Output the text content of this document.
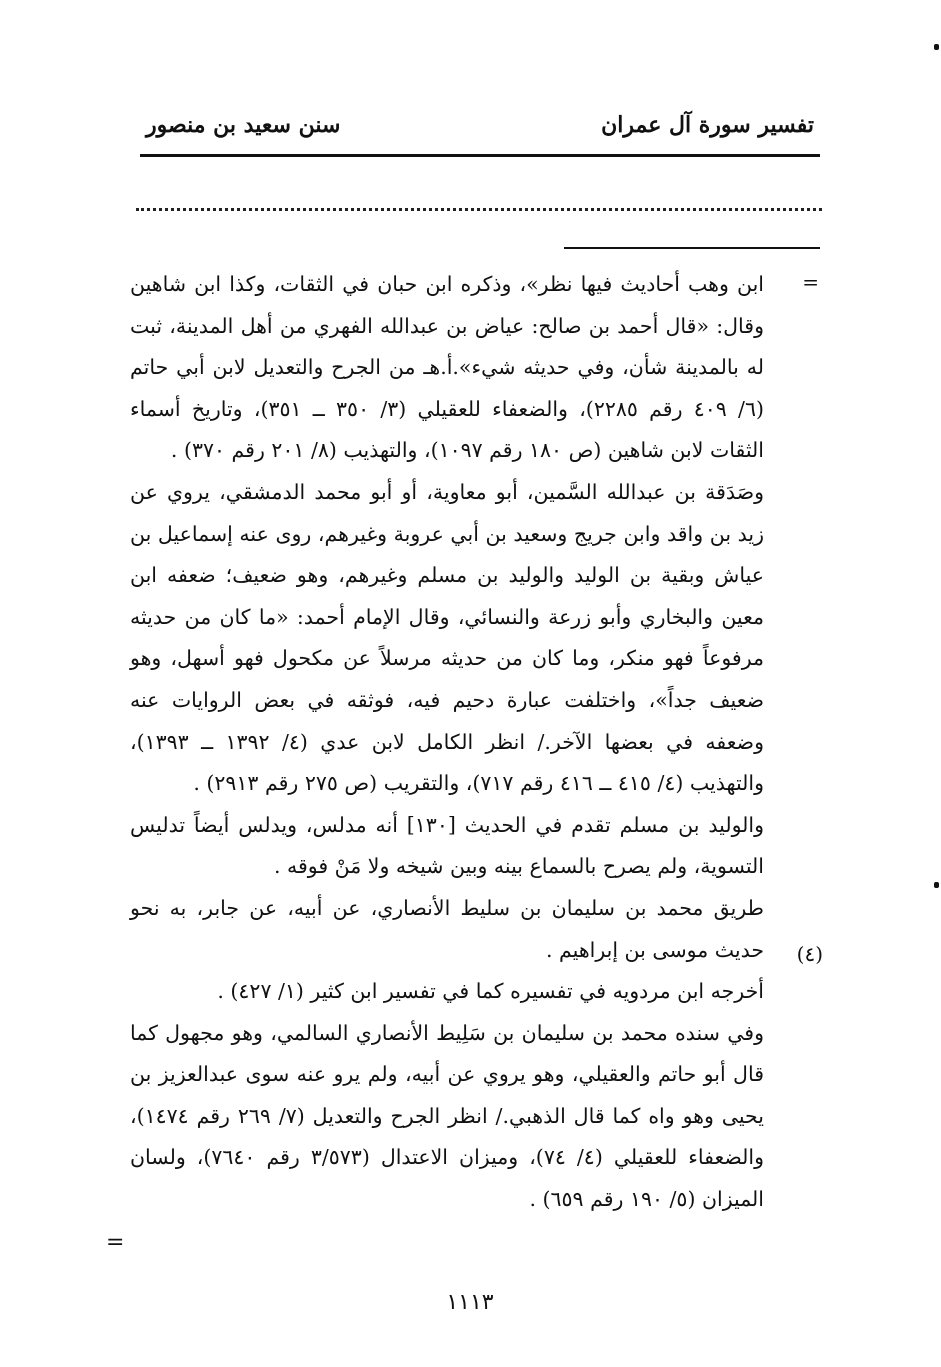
تفسير سورة آل عمران
سنن سعيد بن منصور
=
(٤)

ابن وهب أحاديث فيها نظر»، وذكره ابن حبان في الثقات، وكذا ابن شاهين وقال: «قال أحمد بن صالح: عياض بن عبدالله الفهري من أهل المدينة، ثبت له بالمدينة شأن، وفي حديثه شيء».أ.هـ من الجرح والتعديل لابن أبي حاتم (٦/ ٤٠٩ رقم ٢٢٨٥)، والضعفاء للعقيلي (٣/ ٣٥٠ ــ ٣٥١)، وتاريخ أسماء الثقات لابن شاهين (ص ١٨٠ رقم ١٠٩٧)، والتهذيب (٨/ ٢٠١ رقم ٣٧٠) .

وصَدَقة بن عبدالله السَّمين، أبو معاوية، أو أبو محمد الدمشقي، يروي عن زيد بن واقد وابن جريج وسعيد بن أبي عروبة وغيرهم، روى عنه إسماعيل بن عياش وبقية بن الوليد والوليد بن مسلم وغيرهم، وهو ضعيف؛ ضعفه ابن معين والبخاري وأبو زرعة والنسائي، وقال الإمام أحمد: «ما كان من حديثه مرفوعاً فهو منكر، وما كان من حديثه مرسلاً عن مكحول فهو أسهل، وهو ضعيف جداً»، واختلفت عبارة دحيم فيه، فوثقه في بعض الروايات عنه وضعفه في بعضها الآخر./ انظر الكامل لابن عدي (٤/ ١٣٩٢ ــ ١٣٩٣)، والتهذيب (٤/ ٤١٥ ــ ٤١٦ رقم ٧١٧)، والتقريب (ص ٢٧٥ رقم ٢٩١٣) .

والوليد بن مسلم تقدم في الحديث [١٣٠] أنه مدلس، ويدلس أيضاً تدليس التسوية، ولم يصرح بالسماع بينه وبين شيخه ولا مَنْ فوقه .

طريق محمد بن سليمان بن سليط الأنصاري، عن أبيه، عن جابر، به نحو حديث موسى بن إبراهيم .

أخرجه ابن مردويه في تفسيره كما في تفسير ابن كثير (١/ ٤٢٧) .

وفي سنده محمد بن سليمان بن سَلِيط الأنصاري السالمي، وهو مجهول كما قال أبو حاتم والعقيلي، وهو يروي عن أبيه، ولم يرو عنه سوى عبدالعزيز بن يحيى وهو واه كما قال الذهبي./ انظر الجرح والتعديل (٧/ ٢٦٩ رقم ١٤٧٤)، والضعفاء للعقيلي (٤/ ٧٤)، وميزان الاعتدال (٣/٥٧٣ رقم ٧٦٤٠)، ولسان الميزان (٥/ ١٩٠ رقم ٦٥٩) .

=
١١١٣
